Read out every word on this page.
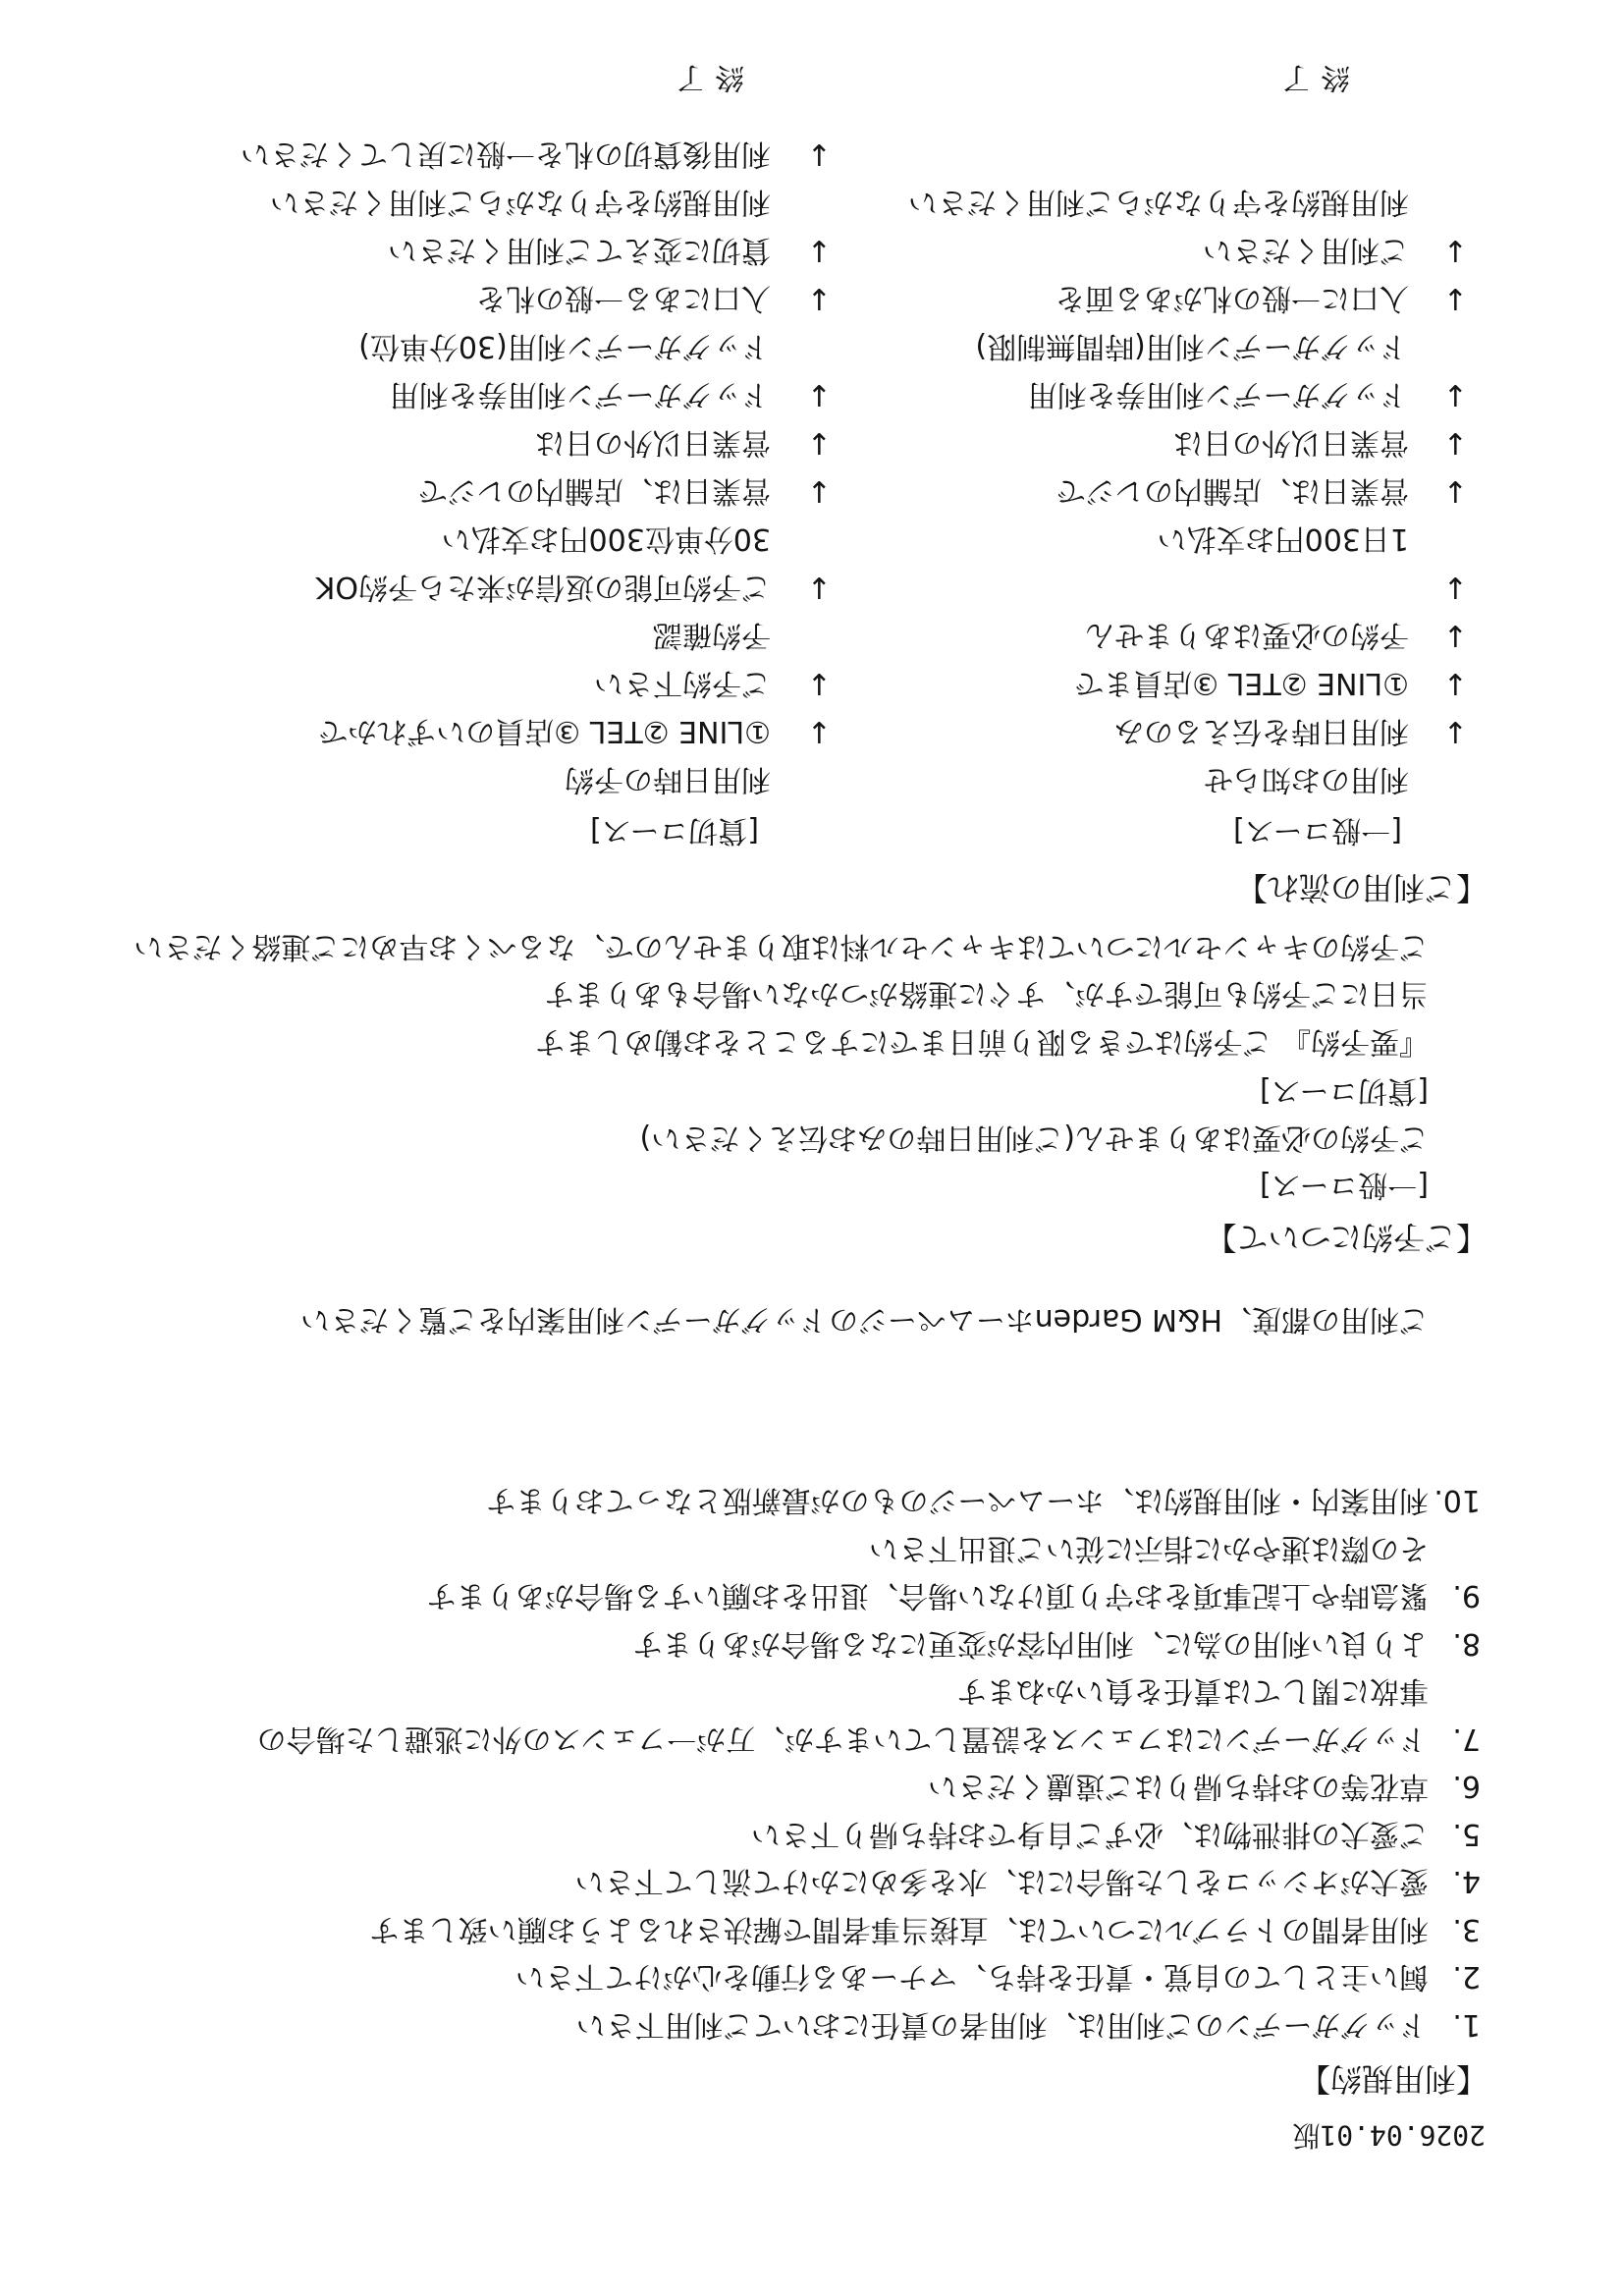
2026.04.01版
【利用規約】
1.
ドッグガーデンのご利用は、利用者の責任においてご利用下さい
2.
飼い主としての自覚・責任を持ち、マナーある行動を心がけて下さい
3.
利用者間のトラブルについては、直接当事者間で解決されるようお願い致します
4.
愛犬がオシッコをした場合には、水を多めにかけて流して下さい
5.
ご愛犬の排泄物は、必ずご自身でお持ち帰り下さい
6.
草花等のお持ち帰りはご遠慮ください
7.
ドッグガーデンにはフェンスを設置していますが、万が一フェンスの外に逃避した場合の
事故に関しては責任を負いかねます
8.
より良い利用の為に、利用内容が変更になる場合があります
9.
緊急時や上記事項をお守り頂けない場合、退出をお願いする場合があります
その際は速やかに指示に従いご退出下さい
10.
利用案内・利用規約は、ホームページのものが最新版となっております
ご利用の都度、H&M Gardenホームページのドッグガーデン利用案内をご覧ください
【ご予約について】
[一般コース]
ご予約の必要はありません(ご利用日時のみお伝えください)
[貸切コース]
『要予約』 ご予約はできる限り前日までにすることをお勧めします
当日にご予約も可能ですが、すぐに連絡がつかない場合もあります
ご予約のキャンセルについてはキャンセル料は取りませんので、なるべくお早めにご連絡ください
【ご利用の流れ】
[一般コース]
[貸切コース]
利用のお知らせ
↓
利用日時を伝えるのみ
↓
①LINE ②TEL ③店員まで
↓
予約の必要はありません
↓
1日300円お支払い
↓
営業日は、店舗内のレジで
↓
営業日以外の日は
↓
ドッグガーデン利用券を利用
ドッグガーデン利用(時間無制限)
↓
入口に一般の札がある面を
↓
ご利用ください
利用規約を守りながらご利用ください
利用日時の予約
↓
①LINE ②TEL ③店員のいずれかで
↓
ご予約下さい
予約確認
↓
ご予約可能の返信が来たら予約OK
30分単位300円お支払い
↓
営業日は、店舗内のレジで
↓
営業日以外の日は
↓
ドッグガーデン利用券を利用
ドッグガーデン利用(30分単位)
↓
入口にある一般の札を
↓
貸切に変えてご利用ください
利用規約を守りながらご利用ください
↓
利用後貸切の札を一般に戻してください
終 了
終 了
